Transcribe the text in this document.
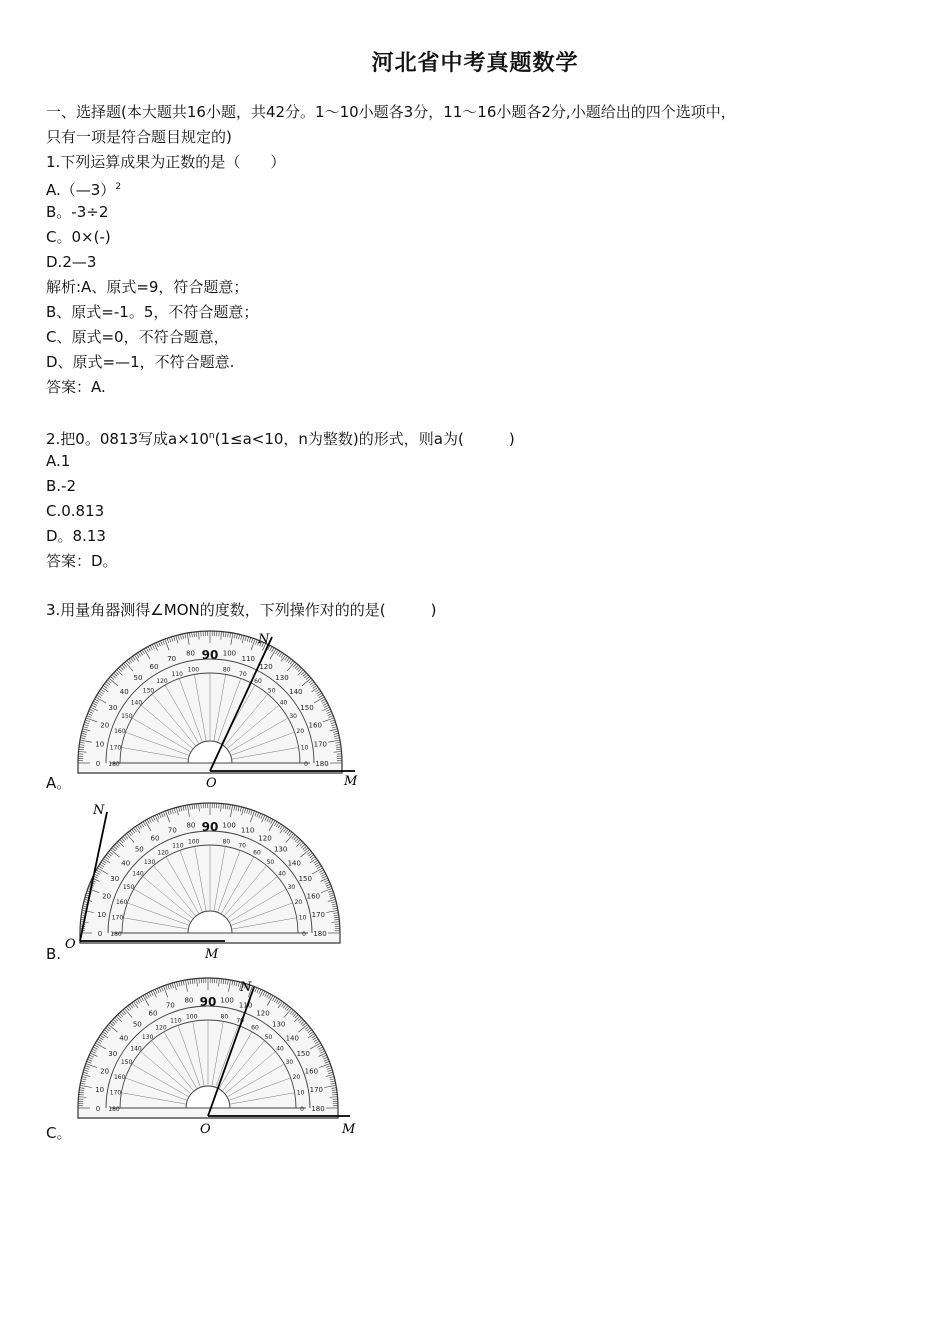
河北省中考真题数学
一、选择题(本大题共16小题，共42分。1～10小题各3分，11～16小题各2分,小题给出的四个选项中，
只有一项是符合题目规定的)
1.下列运算成果为正数的是（　　）
A.（—3）$^2$
B。-3÷2
C。0×(-)
D.2—3
解析:A、原式=9，符合题意；
B、原式=-1。5，不符合题意；
C、原式=0，不符合题意，
D、原式=—1，不符合题意.
答案：A.
2.把0。0813写成$a\times 10^n(1\le a<10$，n为整数)的形式，则a为(　　　)
A.1
B.-2
C.0.813
D。8.13
答案：D。
3.用量角器测得∠MON的度数，下列操作对的的是(　　　)
0 180
10 170
20
160
30
150
40
140
50
130
60
120
70
110
80
100
100
80
110
70
120
60 130
50 140
40
150
30
160
20
170
10
180
0
90
O	M
N
A。
0 180
10 170
20
160
30
150
40
140
50
130
60
120
70
110
80
100
100
80
110
70
120
60 130
50 140
40
150
30
160
20
170
10
180
0
90
O
M
N
B.
0 180
10 170
20
160
30
150
40
140
50
130
60
120
70
110
80
100
100
80
110
70
120
60 130
50 140
40
150
30
160
20
170
10
180
0
90
O	M
N
C。
